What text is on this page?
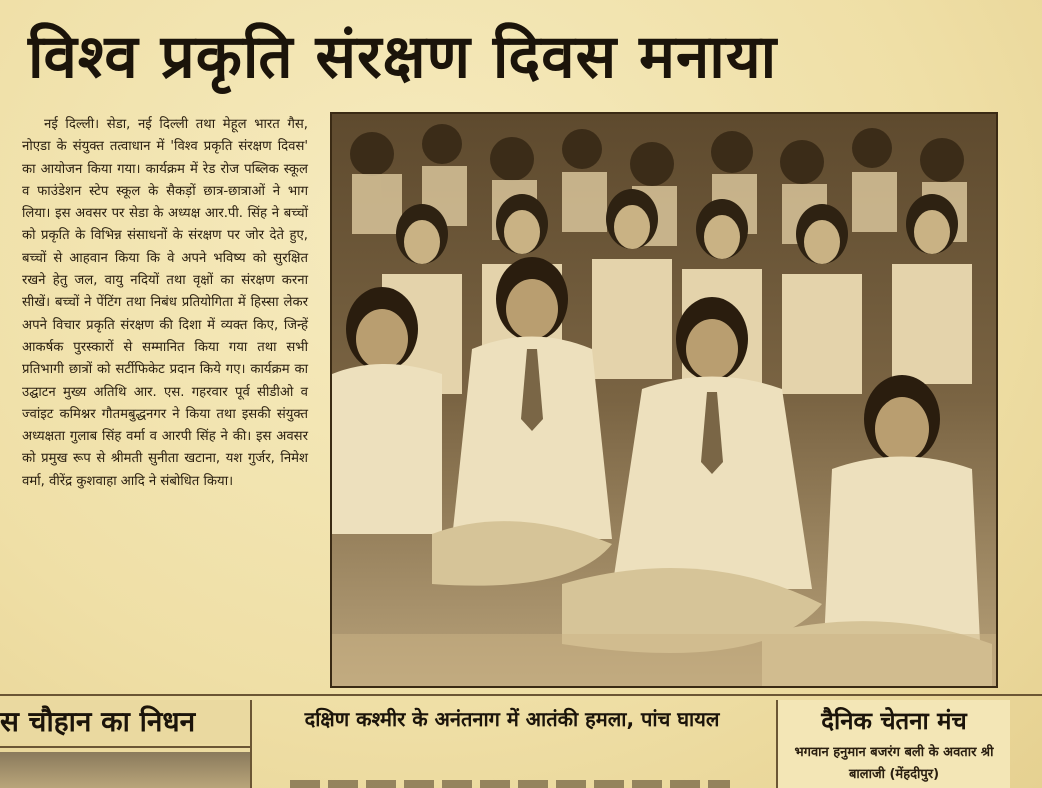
विश्व प्रकृति संरक्षण दिवस मनाया
नई दिल्ली। सेडा, नई दिल्ली तथा मेहूल भारत गैस, नोएडा के संयुक्त तत्वाधान में 'विश्व प्रकृति संरक्षण दिवस' का आयोजन किया गया। कार्यक्रम में रेड रोज पब्लिक स्कूल व फाउंडेशन स्टेप स्कूल के सैकड़ों छात्र-छात्राओं ने भाग लिया। इस अवसर पर सेडा के अध्यक्ष आर.पी. सिंह ने बच्चों को प्रकृति के विभिन्न संसाधनों के संरक्षण पर जोर देते हुए, बच्चों से आहवान किया कि वे अपने भविष्य को सुरक्षित रखने हेतु जल, वायु नदियों तथा वृक्षों का संरक्षण करना सीखें। बच्चों ने पेंटिंग तथा निबंध प्रतियोगिता में हिस्सा लेकर अपने विचार प्रकृति संरक्षण की दिशा में व्यक्त किए, जिन्हें आकर्षक पुरस्कारों से सम्मानित किया गया तथा सभी प्रतिभागी छात्रों को सर्टीफिकेट प्रदान किये गए। कार्यक्रम का उद्घाटन मुख्य अतिथि आर. एस. गहरवार पूर्व सीडीओ व ज्वांइट कमिश्नर गौतमबुद्धनगर ने किया तथा इसकी संयुक्त अध्यक्षता गुलाब सिंह वर्मा व आरपी सिंह ने की। इस अवसर को प्रमुख रूप से श्रीमती सुनीता खटाना, यश गुर्जर, निमेश वर्मा, वीरेंद्र कुशवाहा आदि ने संबोधित किया।
स चौहान का निधन	दक्षिण कश्मीर के अनंतनाग में आतंकी हमला, पांच घायल	दैनिक चेतना मंच
भगवान हनुमान बजरंग बली के अवतार श्री बालाजी (मेंहदीपुर)
